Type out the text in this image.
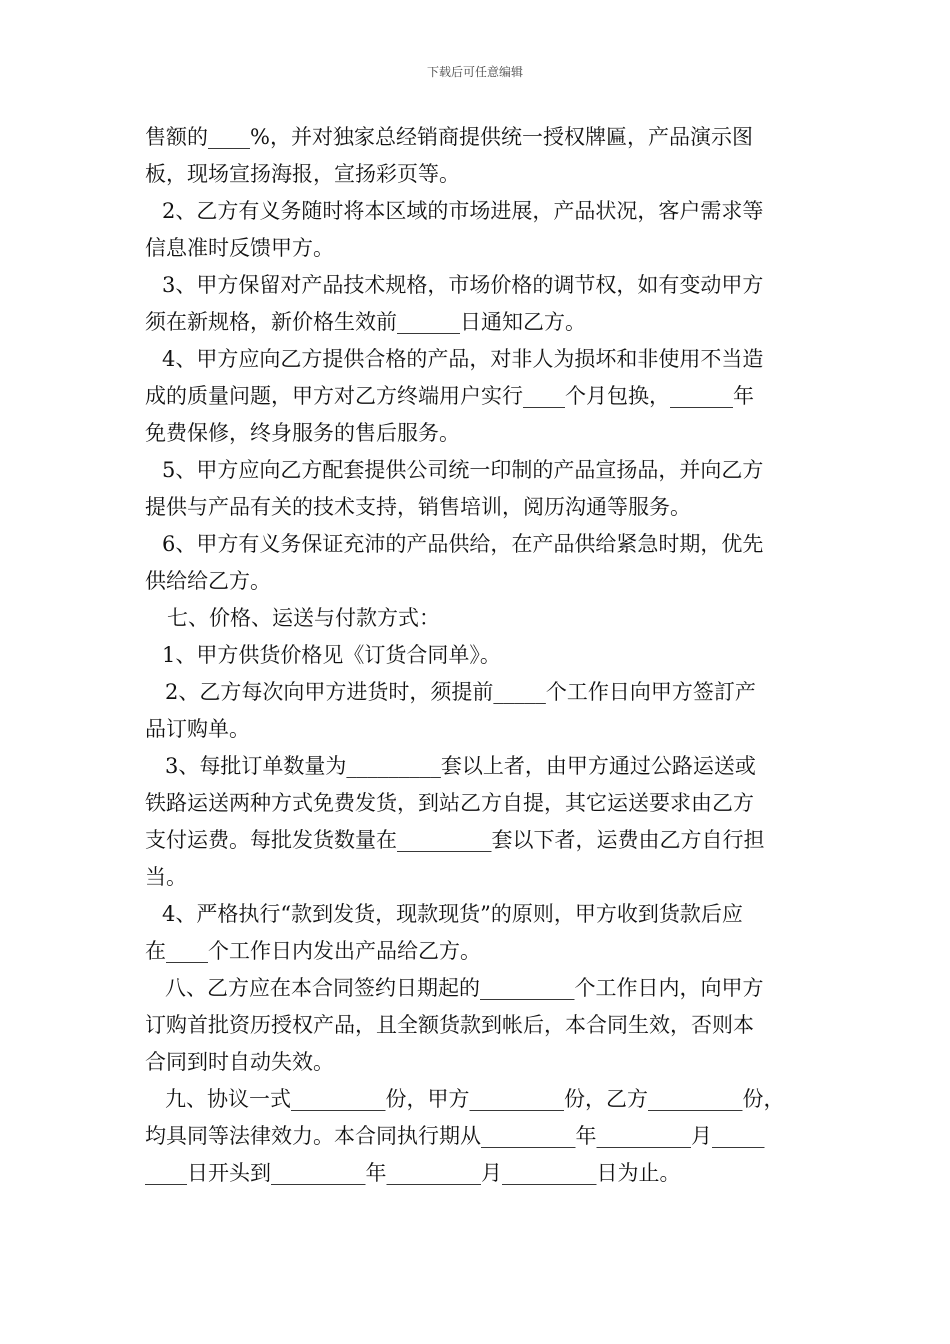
下载后可任意编辑
售额的____%，并对独家总经销商提供统一授权牌匾，产品演示图
板，现场宣扬海报，宣扬彩页等。
2、乙方有义务随时将本区域的市场进展，产品状况，客户需求等
信息准时反馈甲方。
3、甲方保留对产品技术规格，市场价格的调节权，如有变动甲方
须在新规格，新价格生效前______日通知乙方。
4、甲方应向乙方提供合格的产品，对非人为损坏和非使用不当造
成的质量问题，甲方对乙方终端用户实行____个月包换，______年
免费保修，终身服务的售后服务。
5、甲方应向乙方配套提供公司统一印制的产品宣扬品，并向乙方
提供与产品有关的技术支持，销售培训，阅历沟通等服务。
6、甲方有义务保证充沛的产品供给，在产品供给紧急时期，优先
供给给乙方。
七、价格、运送与付款方式：
1、甲方供货价格见《订货合同单》。
2、乙方每次向甲方进货时，须提前_____个工作日向甲方签訂产
品订购单。
3、每批订单数量为_________套以上者，由甲方通过公路运送或
铁路运送两种方式免费发货，到站乙方自提，其它运送要求由乙方
支付运费。每批发货数量在_________套以下者，运费由乙方自行担
当。
4、严格执行“款到发货，现款现货”的原则，甲方收到货款后应
在____个工作日内发出产品给乙方。
八、乙方应在本合同签约日期起的_________个工作日内，向甲方
订购首批资历授权产品，且全额货款到帐后，本合同生效，否则本
合同到时自动失效。
九、协议一式_________份，甲方_________份，乙方_________份，
均具同等法律效力。本合同执行期从_________年_________月_____
____日开头到_________年_________月_________日为止。
